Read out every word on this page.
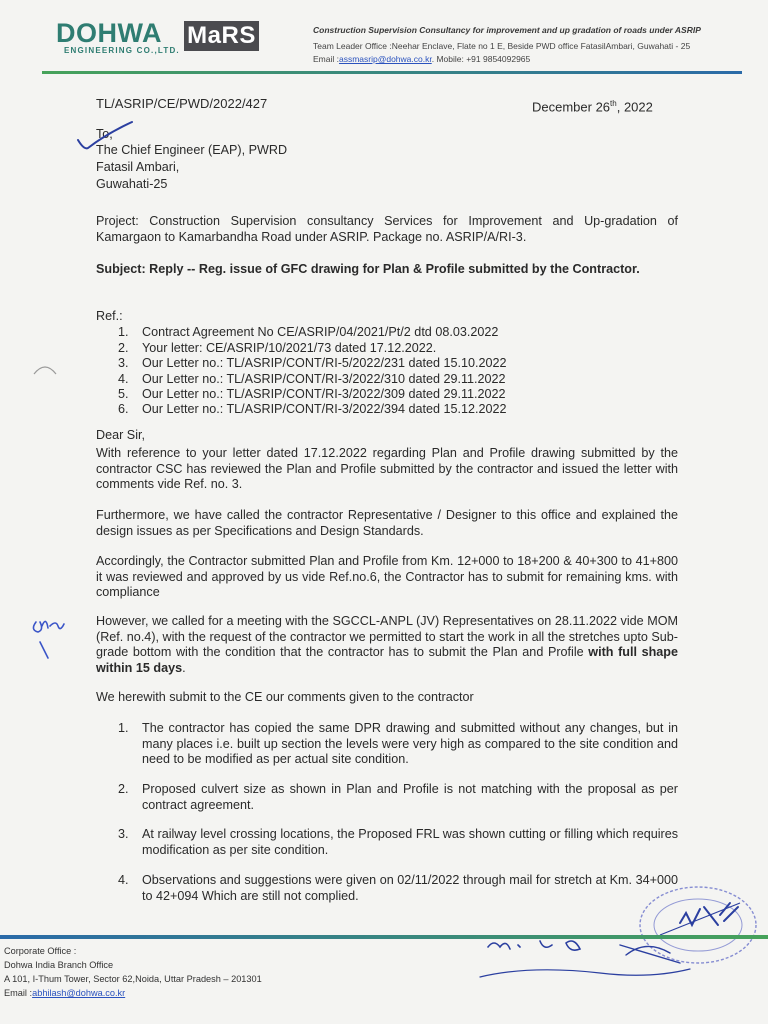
DOHWA
ENGINEERING CO.,LTD.
MaRS	Construction Supervision Consultancy for improvement and up gradation of roads under ASRIP
Team Leader Office :Neehar Enclave, Flate no 1 E, Beside PWD office FatasilAmbari, Guwahati - 25
Email :assmasrip@dohwa.co.kr. Mobile: +91 9854092965
TL/ASRIP/CE/PWD/2022/427	December 26th, 2022
To,
The Chief Engineer (EAP), PWRD
Fatasil Ambari,
Guwahati-25
Project: Construction Supervision consultancy Services for Improvement and Up-gradation of Kamargaon to Kamarbandha Road under ASRIP. Package no. ASRIP/A/RI-3.
Subject: Reply -- Reg. issue of GFC drawing for Plan & Profile submitted by the Contractor.
Ref.:
1. Contract Agreement No CE/ASRIP/04/2021/Pt/2 dtd 08.03.2022
2. Your letter: CE/ASRIP/10/2021/73 dated 17.12.2022.
3. Our Letter no.: TL/ASRIP/CONT/RI-5/2022/231 dated 15.10.2022
4. Our Letter no.: TL/ASRIP/CONT/RI-3/2022/310 dated 29.11.2022
5. Our Letter no.: TL/ASRIP/CONT/RI-3/2022/309 dated 29.11.2022
6. Our Letter no.: TL/ASRIP/CONT/RI-3/2022/394 dated 15.12.2022
Dear Sir,
With reference to your letter dated 17.12.2022 regarding Plan and Profile drawing submitted by the contractor CSC has reviewed the Plan and Profile submitted by the contractor and issued the letter with comments vide Ref. no. 3.
Furthermore, we have called the contractor Representative / Designer to this office and explained the design issues as per Specifications and Design Standards.
Accordingly, the Contractor submitted Plan and Profile from Km. 12+000 to 18+200 & 40+300 to 41+800 it was reviewed and approved by us vide Ref.no.6, the Contractor has to submit for remaining kms. with compliance
However, we called for a meeting with the SGCCL-ANPL (JV) Representatives on 28.11.2022 vide MOM (Ref. no.4), with the request of the contractor we permitted to start the work in all the stretches upto Sub-grade bottom with the condition that the contractor has to submit the Plan and Profile with full shape within 15 days.
We herewith submit to the CE our comments given to the contractor
1. The contractor has copied the same DPR drawing and submitted without any changes, but in many places i.e. built up section the levels were very high as compared to the site condition and need to be modified as per actual site condition.
2. Proposed culvert size as shown in Plan and Profile is not matching with the proposal as per contract agreement.
3. At railway level crossing locations, the Proposed FRL was shown cutting or filling which requires modification as per site condition.
4. Observations and suggestions were given on 02/11/2022 through mail for stretch at Km. 34+000 to 42+094 Which are still not complied.
Corporate Office :
Dohwa India Branch Office
A 101, I-Thum Tower, Sector 62,Noida, Uttar Pradesh – 201301
Email :abhilash@dohwa.co.kr
